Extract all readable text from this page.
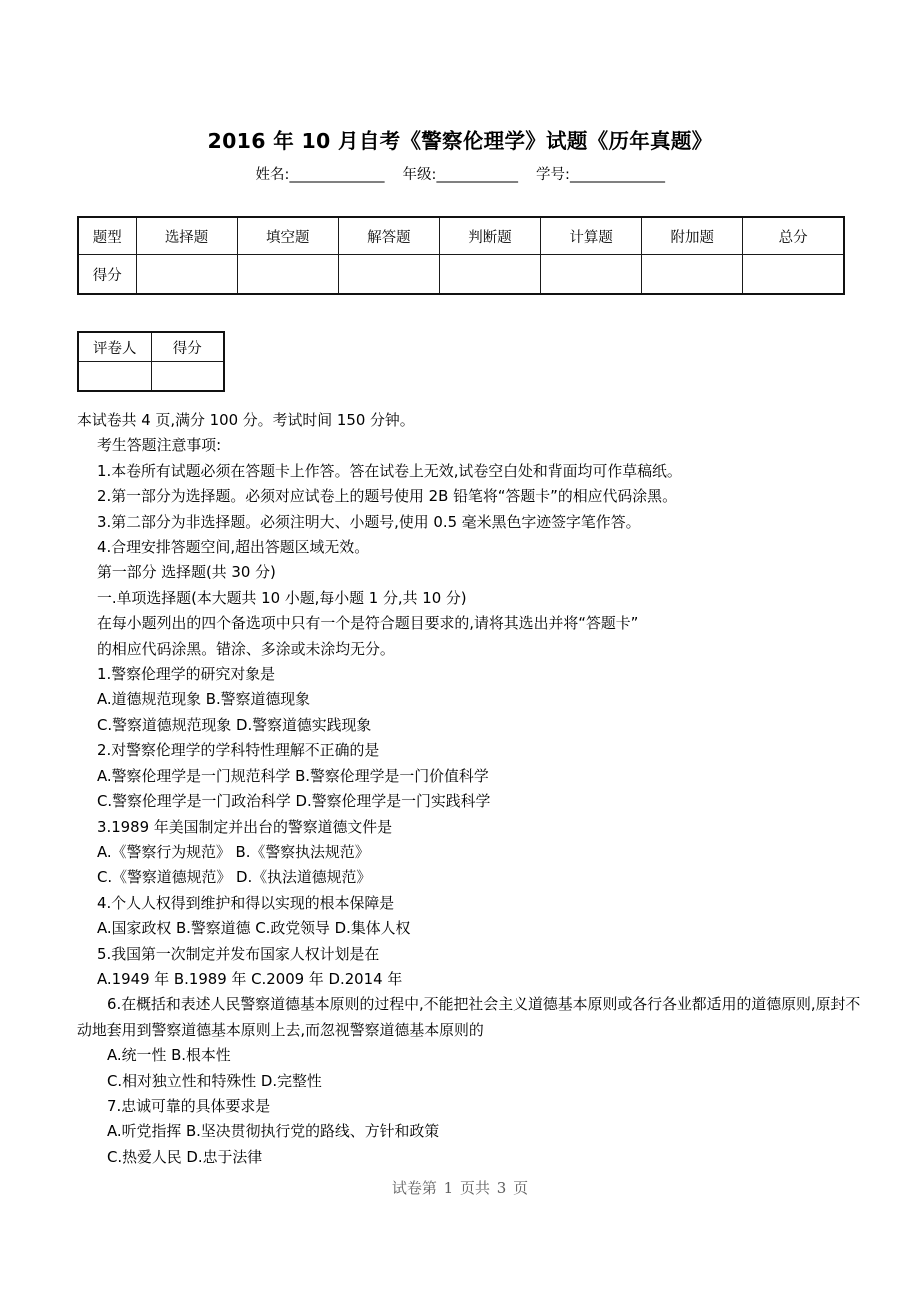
2016 年 10 月自考《警察伦理学》试题《历年真题》
姓名:______________ 年级:____________ 学号:______________
题型	选择题	填空题	解答题	判断题	计算题	附加题	总分
得分							
评卷人	得分

本试卷共 4 页,满分 100 分。考试时间 150 分钟。

考生答题注意事项:

1.本卷所有试题必须在答题卡上作答。答在试卷上无效,试卷空白处和背面均可作草稿纸。

2.第一部分为选择题。必须对应试卷上的题号使用 2B 铅笔将“答题卡”的相应代码涂黑。

3.第二部分为非选择题。必须注明大、小题号,使用 0.5 毫米黑色字迹签字笔作答。

4.合理安排答题空间,超出答题区域无效。

第一部分 选择题(共 30 分)

一.单项选择题(本大题共 10 小题,每小题 1 分,共 10 分)

在每小题列出的四个备选项中只有一个是符合题目要求的,请将其选出并将“答题卡”

的相应代码涂黑。错涂、多涂或未涂均无分。

1.警察伦理学的研究对象是

A.道德规范现象 B.警察道德现象

C.警察道德规范现象 D.警察道德实践现象

2.对警察伦理学的学科特性理解不正确的是

A.警察伦理学是一门规范科学 B.警察伦理学是一门价值科学

C.警察伦理学是一门政治科学 D.警察伦理学是一门实践科学

3.1989 年美国制定并出台的警察道德文件是

A.《警察行为规范》 B.《警察执法规范》

C.《警察道德规范》 D.《执法道德规范》

4.个人人权得到维护和得以实现的根本保障是

A.国家政权 B.警察道德 C.政党领导 D.集体人权

5.我国第一次制定并发布国家人权计划是在

A.1949 年 B.1989 年 C.2009 年 D.2014 年

6.在概括和表述人民警察道德基本原则的过程中,不能把社会主义道德基本原则或各行各业都适用的道德原则,原封不动地套用到警察道德基本原则上去,而忽视警察道德基本原则的

A.统一性 B.根本性

C.相对独立性和特殊性 D.完整性

7.忠诚可靠的具体要求是

A.听党指挥 B.坚决贯彻执行党的路线、方针和政策

C.热爱人民 D.忠于法律

试卷第 1 页共 3 页
